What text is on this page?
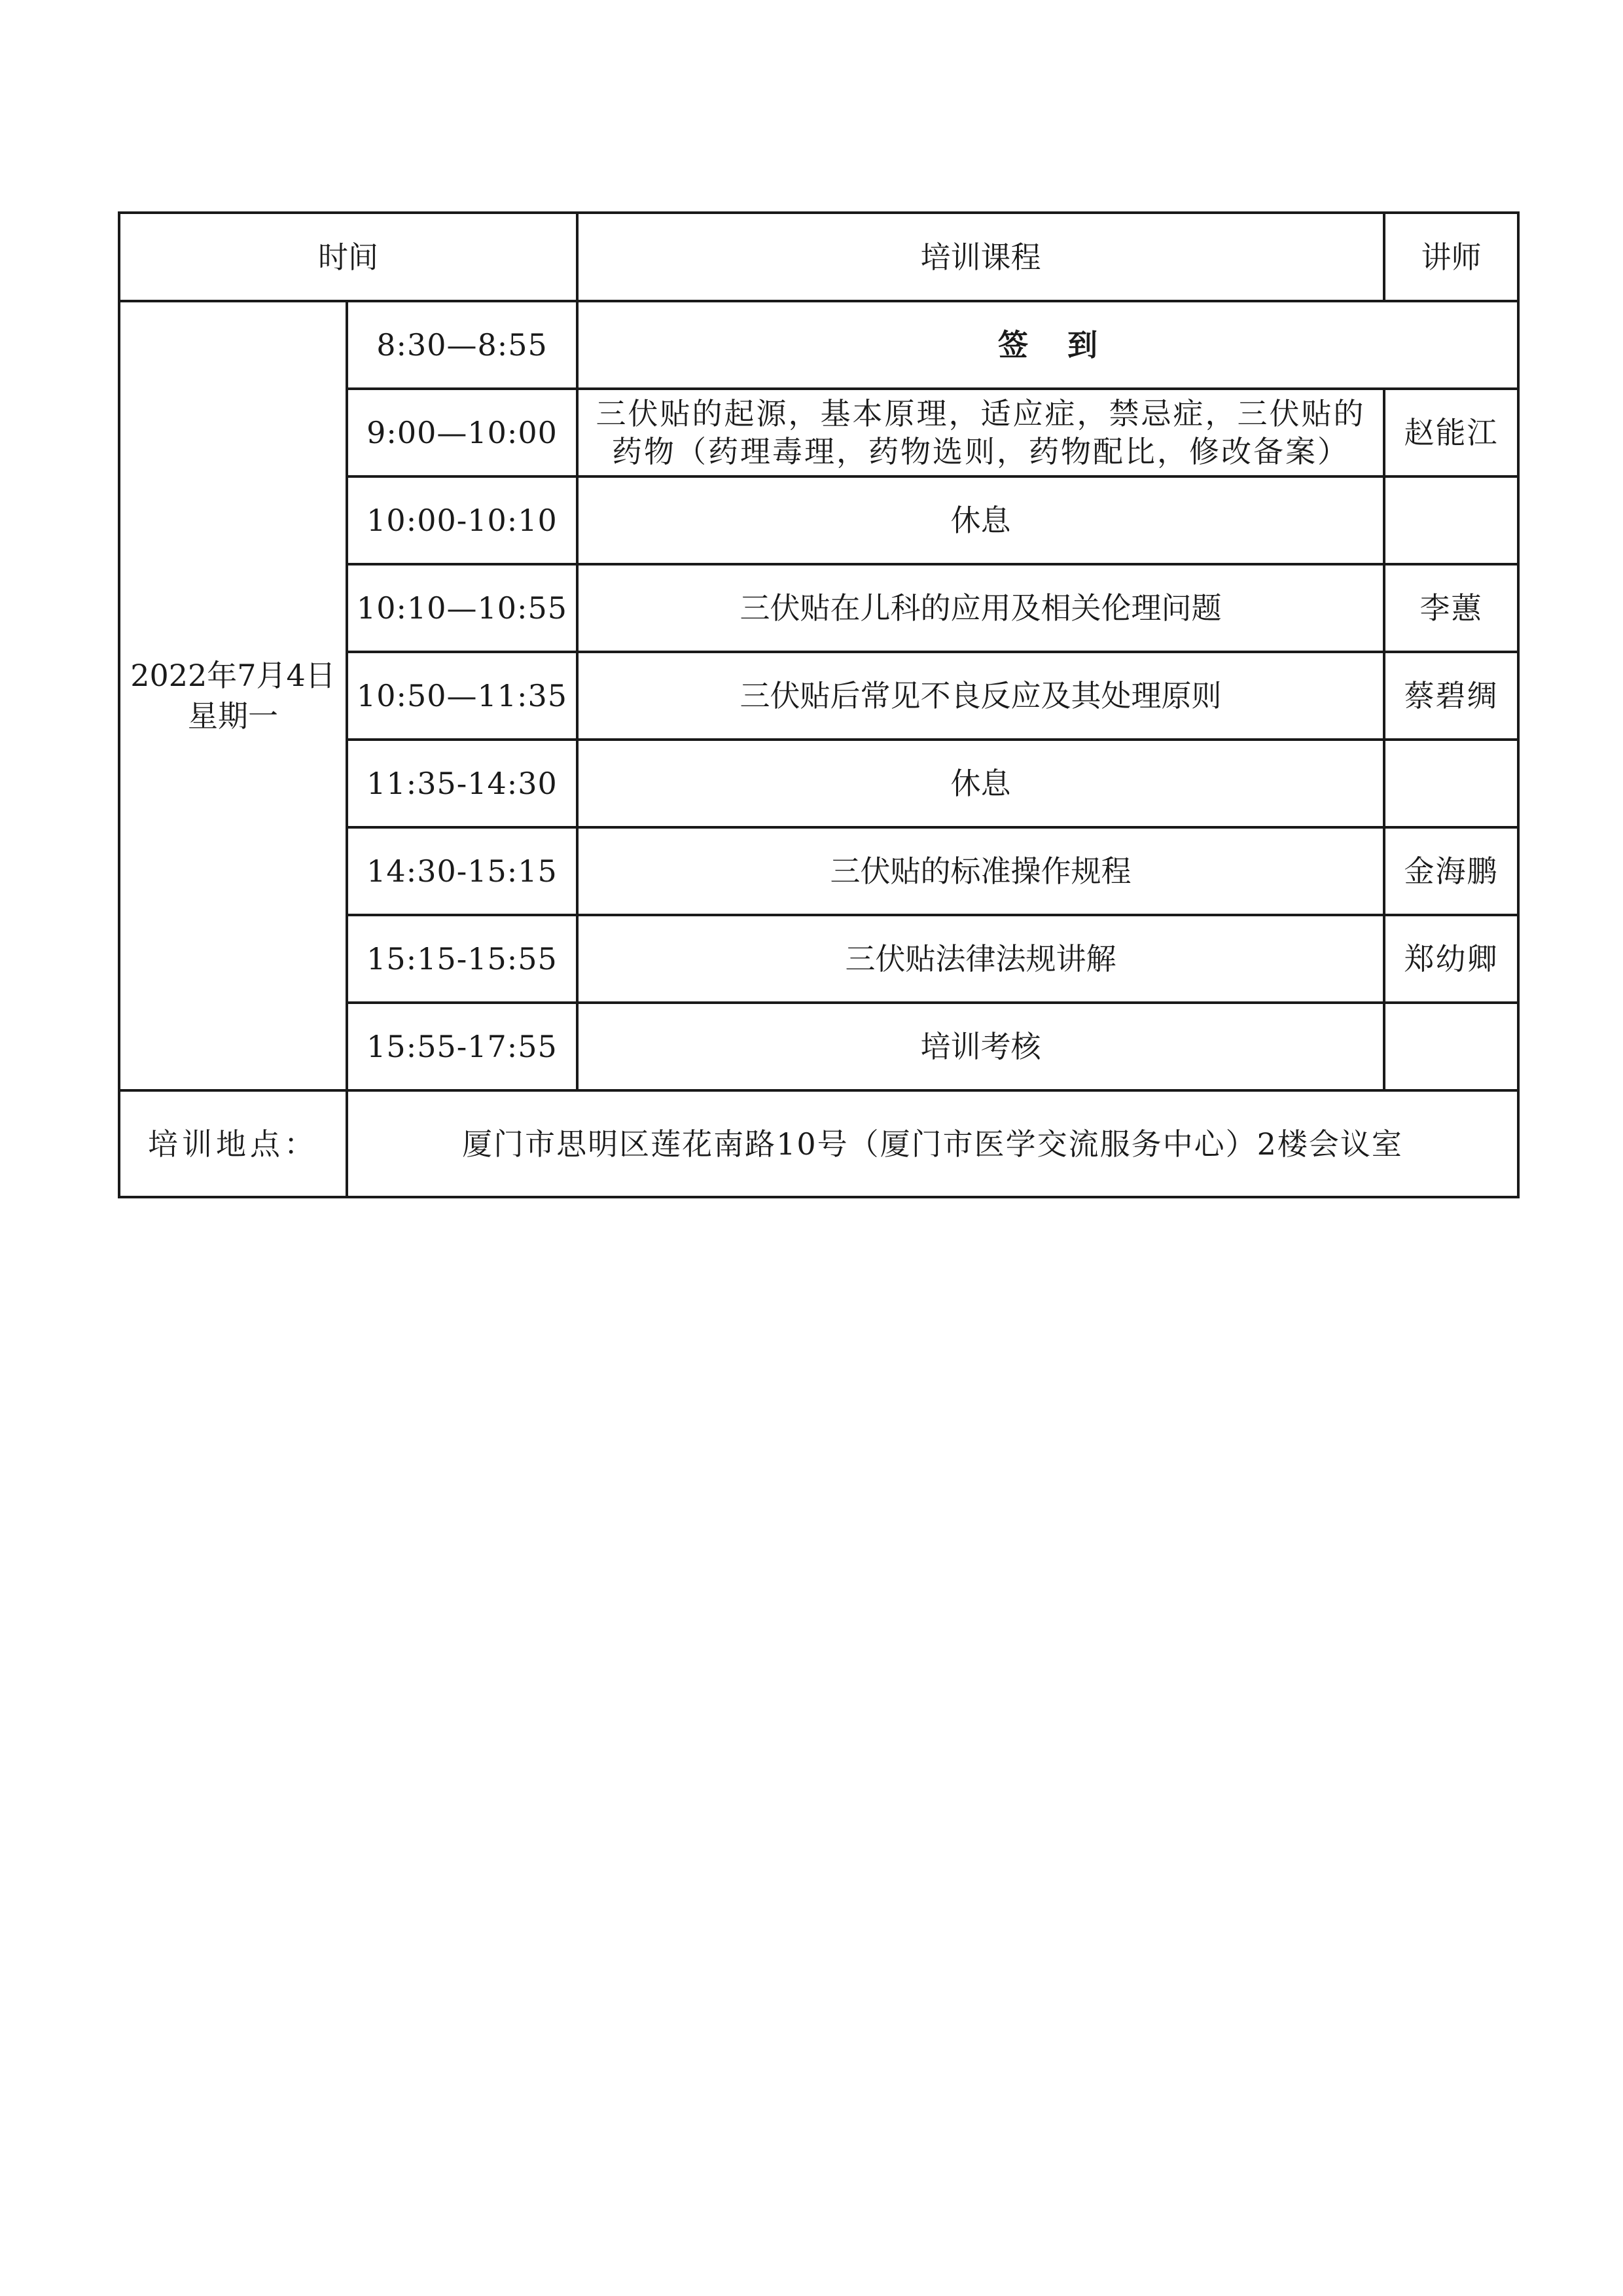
时间		培训课程	讲师

2022年7月4日
星期一	8:30—8:55	签到	
	9:00—10:00	三伏贴的起源，基本原理，适应症，禁忌症，三伏贴的药物（药理毒理，药物选则，药物配比，修改备案）	赵能江
	10:00-10:10	休息	
	10:10—10:55	三伏贴在儿科的应用及相关伦理问题	李蕙
	10:50—11:35	三伏贴后常见不良反应及其处理原则	蔡碧绸
	11:35-14:30	休息	
	14:30-15:15	三伏贴的标准操作规程	金海鹏
	15:15-15:55	三伏贴法律法规讲解	郑幼卿
	15:55-17:55	培训考核	
培训地点：	厦门市思明区莲花南路10号（厦门市医学交流服务中心）2楼会议室		
